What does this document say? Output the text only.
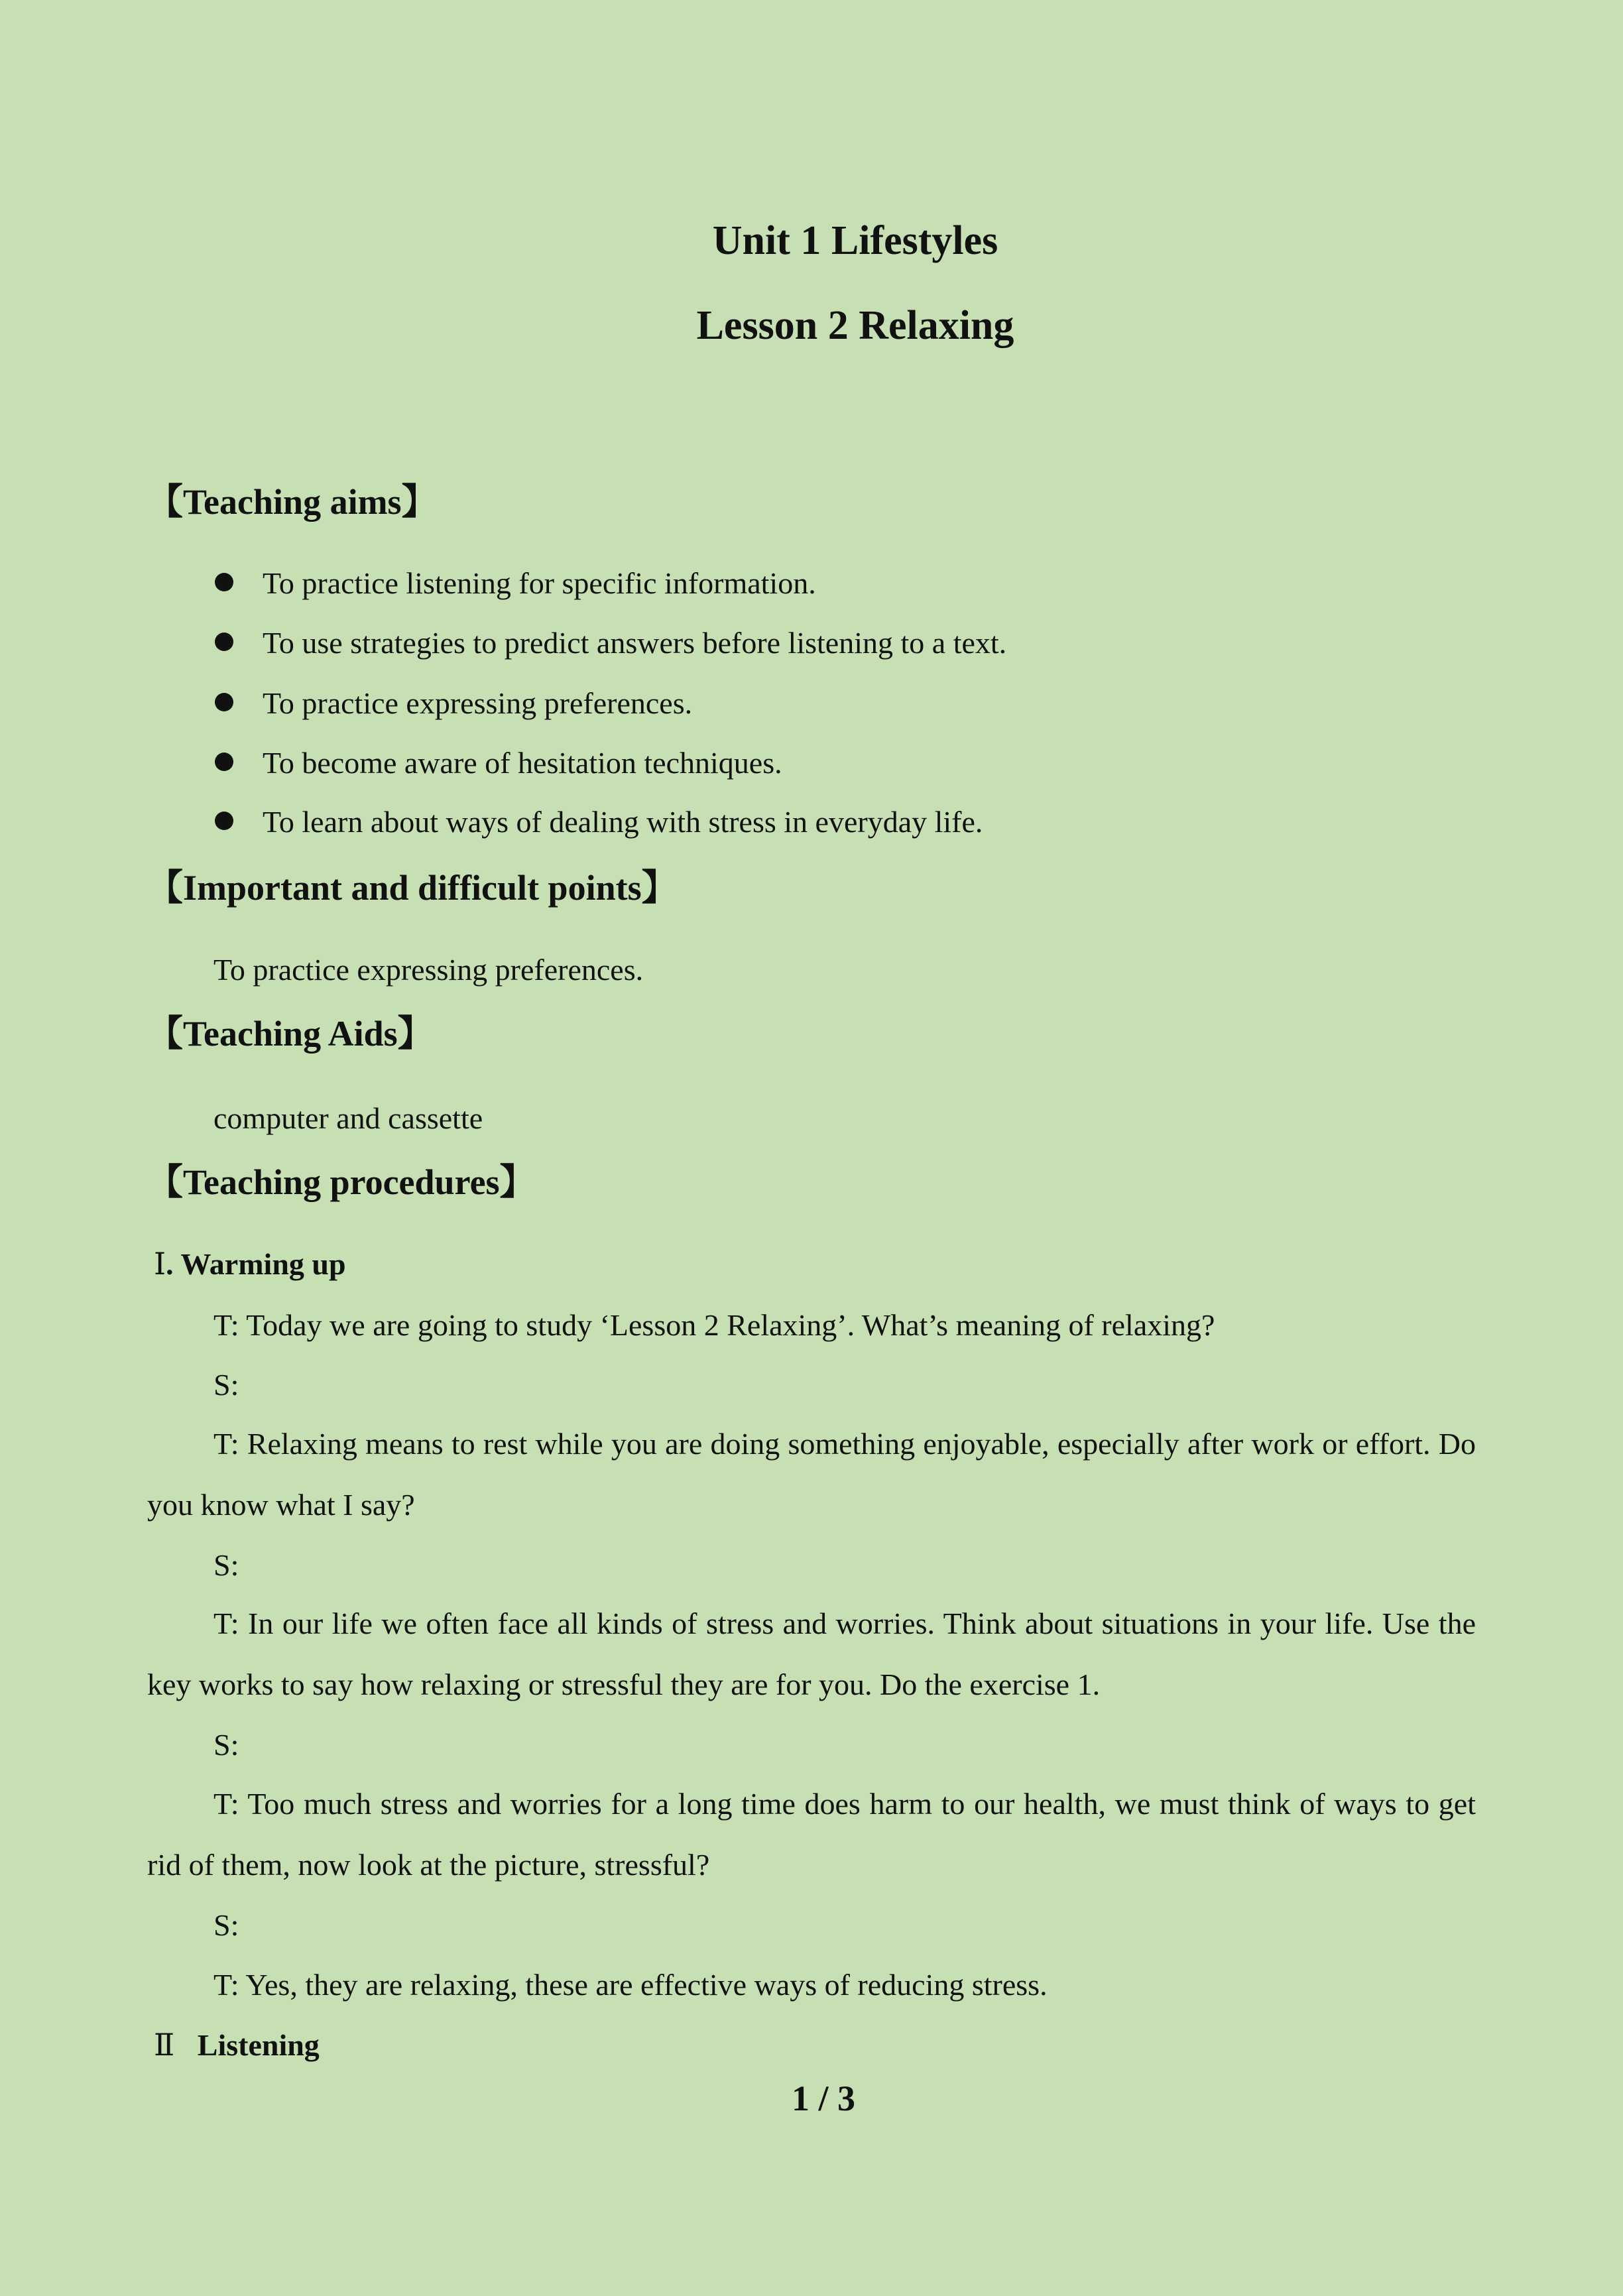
Unit 1 Lifestyles
Lesson 2 Relaxing
【Teaching aims】
To practice listening for specific information.
To use strategies to predict answers before listening to a text.
To practice expressing preferences.
To become aware of hesitation techniques.
To learn about ways of dealing with stress in everyday life.
【Important and difficult points】
To practice expressing preferences.
【Teaching Aids】
computer and cassette
【Teaching procedures】
Ⅰ. Warming up
T: Today we are going to study ‘Lesson 2 Relaxing’. What’s meaning of relaxing?
S:
T: Relaxing means to rest while you are doing something enjoyable, especially after work or effort. Do you know what I say?
S:
T: In our life we often face all kinds of stress and worries. Think about situations in your life. Use the key works to say how relaxing or stressful they are for you. Do the exercise 1.
S:
T: Too much stress and worries for a long time does harm to our health, we must think of ways to get rid of them, now look at the picture, stressful?
S:
T: Yes, they are relaxing, these are effective ways of reducing stress.
Ⅱ Listening
1 / 3
